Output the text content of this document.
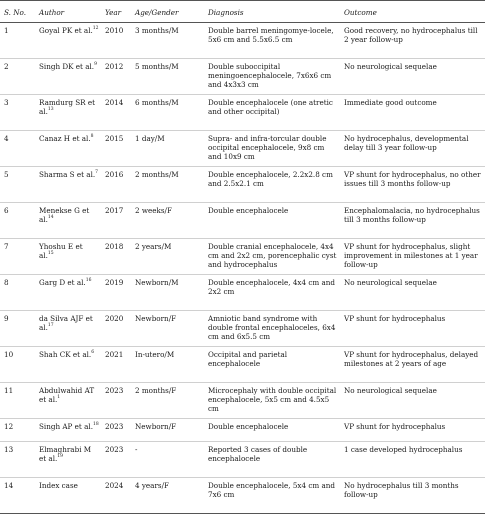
S. No.	Author	Year	Age/Gender	Diagnosis	Outcome
1	Goyal PK et al.$^{12}$	2010	3 months/M	Double barrel meningomye-locele, 5x6 cm and 5.5x6.5 cm	Good recovery, no hydrocephalus till 2 year follow-up
2	Singh DK et al.$^9$	2012	5 months/M	Double suboccipital meningoencephalocele, 7x6x6 cm and 4x3x3 cm	No neurological sequelae
3	Ramdurg SR et al.$^{13}$	2014	6 months/M	Double encephalocele (one atretic and other occipital)	Immediate good outcome
4	Canaz H et al.$^8$	2015	1 day/M	Supra- and infra-torcular double occipital encephalocele, 9x8 cm and 10x9 cm	No hydrocephalus, developmental delay till 3 year follow-up
5	Sharma S et al.$^7$	2016	2 months/M	Double encephalocele, 2.2x2.8 cm and 2.5x2.1 cm	VP shunt for hydrocephalus, no other issues till 3 months follow-up
6	Menekse G et al.$^{14}$	2017	2 weeks/F	Double encephalocele	Encephalomalacia, no hydrocephalus till 3 months follow-up
7	Yhoshu E et al.$^{15}$	2018	2 years/M	Double cranial encephalocele, 4x4 cm and 2x2 cm, porencephalic cyst and hydrocephalus	VP shunt for hydrocephalus, slight improvement in milestones at 1 year follow-up
8	Garg D et al.$^{16}$	2019	Newborn/M	Double encephalocele, 4x4 cm and 2x2 cm	No neurological sequelae
9	da Silva AJF et al.$^{17}$	2020	Newborn/F	Amniotic band syndrome with double frontal encephaloceles, 6x4 cm and 6x5.5 cm	VP shunt for hydrocephalus
10	Shah CK et al.$^6$	2021	In-utero/M	Occipital and parietal encephalocele	VP shunt for hydrocephalus, delayed milestones at 2 years of age
11	Abdulwahid AT et al.$^1$	2023	2 months/F	Microcephaly with double occipital encephalocele, 5x5 cm and 4.5x5 cm	No neurological sequelae
12	Singh AP et al.$^{18}$	2023	Newborn/F	Double encephalocele	VP shunt for hydrocephalus
13	Elmaghrabi M et al.$^{19}$	2023	-	Reported 3 cases of double encephalocele	1 case developed hydrocephalus
14	Index case	2024	4 years/F	Double encephalocele, 5x4 cm and 7x6 cm	No hydrocephalus till 3 months follow-up
